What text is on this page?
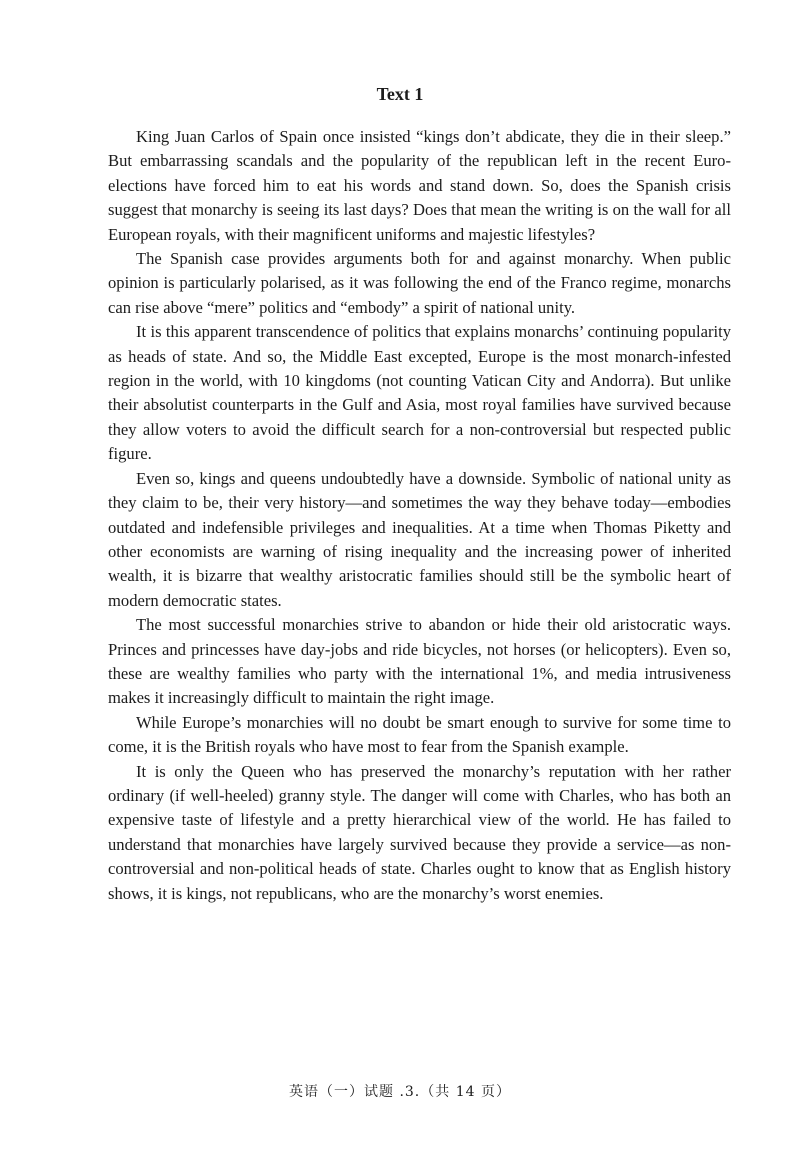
Text 1

King Juan Carlos of Spain once insisted “kings don’t abdicate, they die in their sleep.” But embarrassing scandals and the popularity of the republican left in the recent Euro-elections have forced him to eat his words and stand down. So, does the Spanish crisis suggest that monarchy is seeing its last days? Does that mean the writing is on the wall for all European royals, with their magnificent uniforms and majestic lifestyles?

The Spanish case provides arguments both for and against monarchy. When public opinion is particularly polarised, as it was following the end of the Franco regime, monarchs can rise above “mere” politics and “embody” a spirit of national unity.

It is this apparent transcendence of politics that explains monarchs’ continuing popularity as heads of state. And so, the Middle East excepted, Europe is the most monarch-infested region in the world, with 10 kingdoms (not counting Vatican City and Andorra). But unlike their absolutist counterparts in the Gulf and Asia, most royal families have survived because they allow voters to avoid the difficult search for a non-controversial but respected public figure.

Even so, kings and queens undoubtedly have a downside. Symbolic of national unity as they claim to be, their very history—and sometimes the way they behave today—embodies outdated and indefensible privileges and inequalities. At a time when Thomas Piketty and other economists are warning of rising inequality and the increasing power of inherited wealth, it is bizarre that wealthy aristocratic families should still be the symbolic heart of modern democratic states.

The most successful monarchies strive to abandon or hide their old aristocratic ways. Princes and princesses have day-jobs and ride bicycles, not horses (or helicopters). Even so, these are wealthy families who party with the international 1%, and media intrusiveness makes it increasingly difficult to maintain the right image.

While Europe’s monarchies will no doubt be smart enough to survive for some time to come, it is the British royals who have most to fear from the Spanish example.

It is only the Queen who has preserved the monarchy’s reputation with her rather ordinary (if well-heeled) granny style. The danger will come with Charles, who has both an expensive taste of lifestyle and a pretty hierarchical view of the world. He has failed to understand that monarchies have largely survived because they provide a service—as non-controversial and non-political heads of state. Charles ought to know that as English history shows, it is kings, not republicans, who are the monarchy’s worst enemies.

英语（一）试题 .3.（共 14 页）
